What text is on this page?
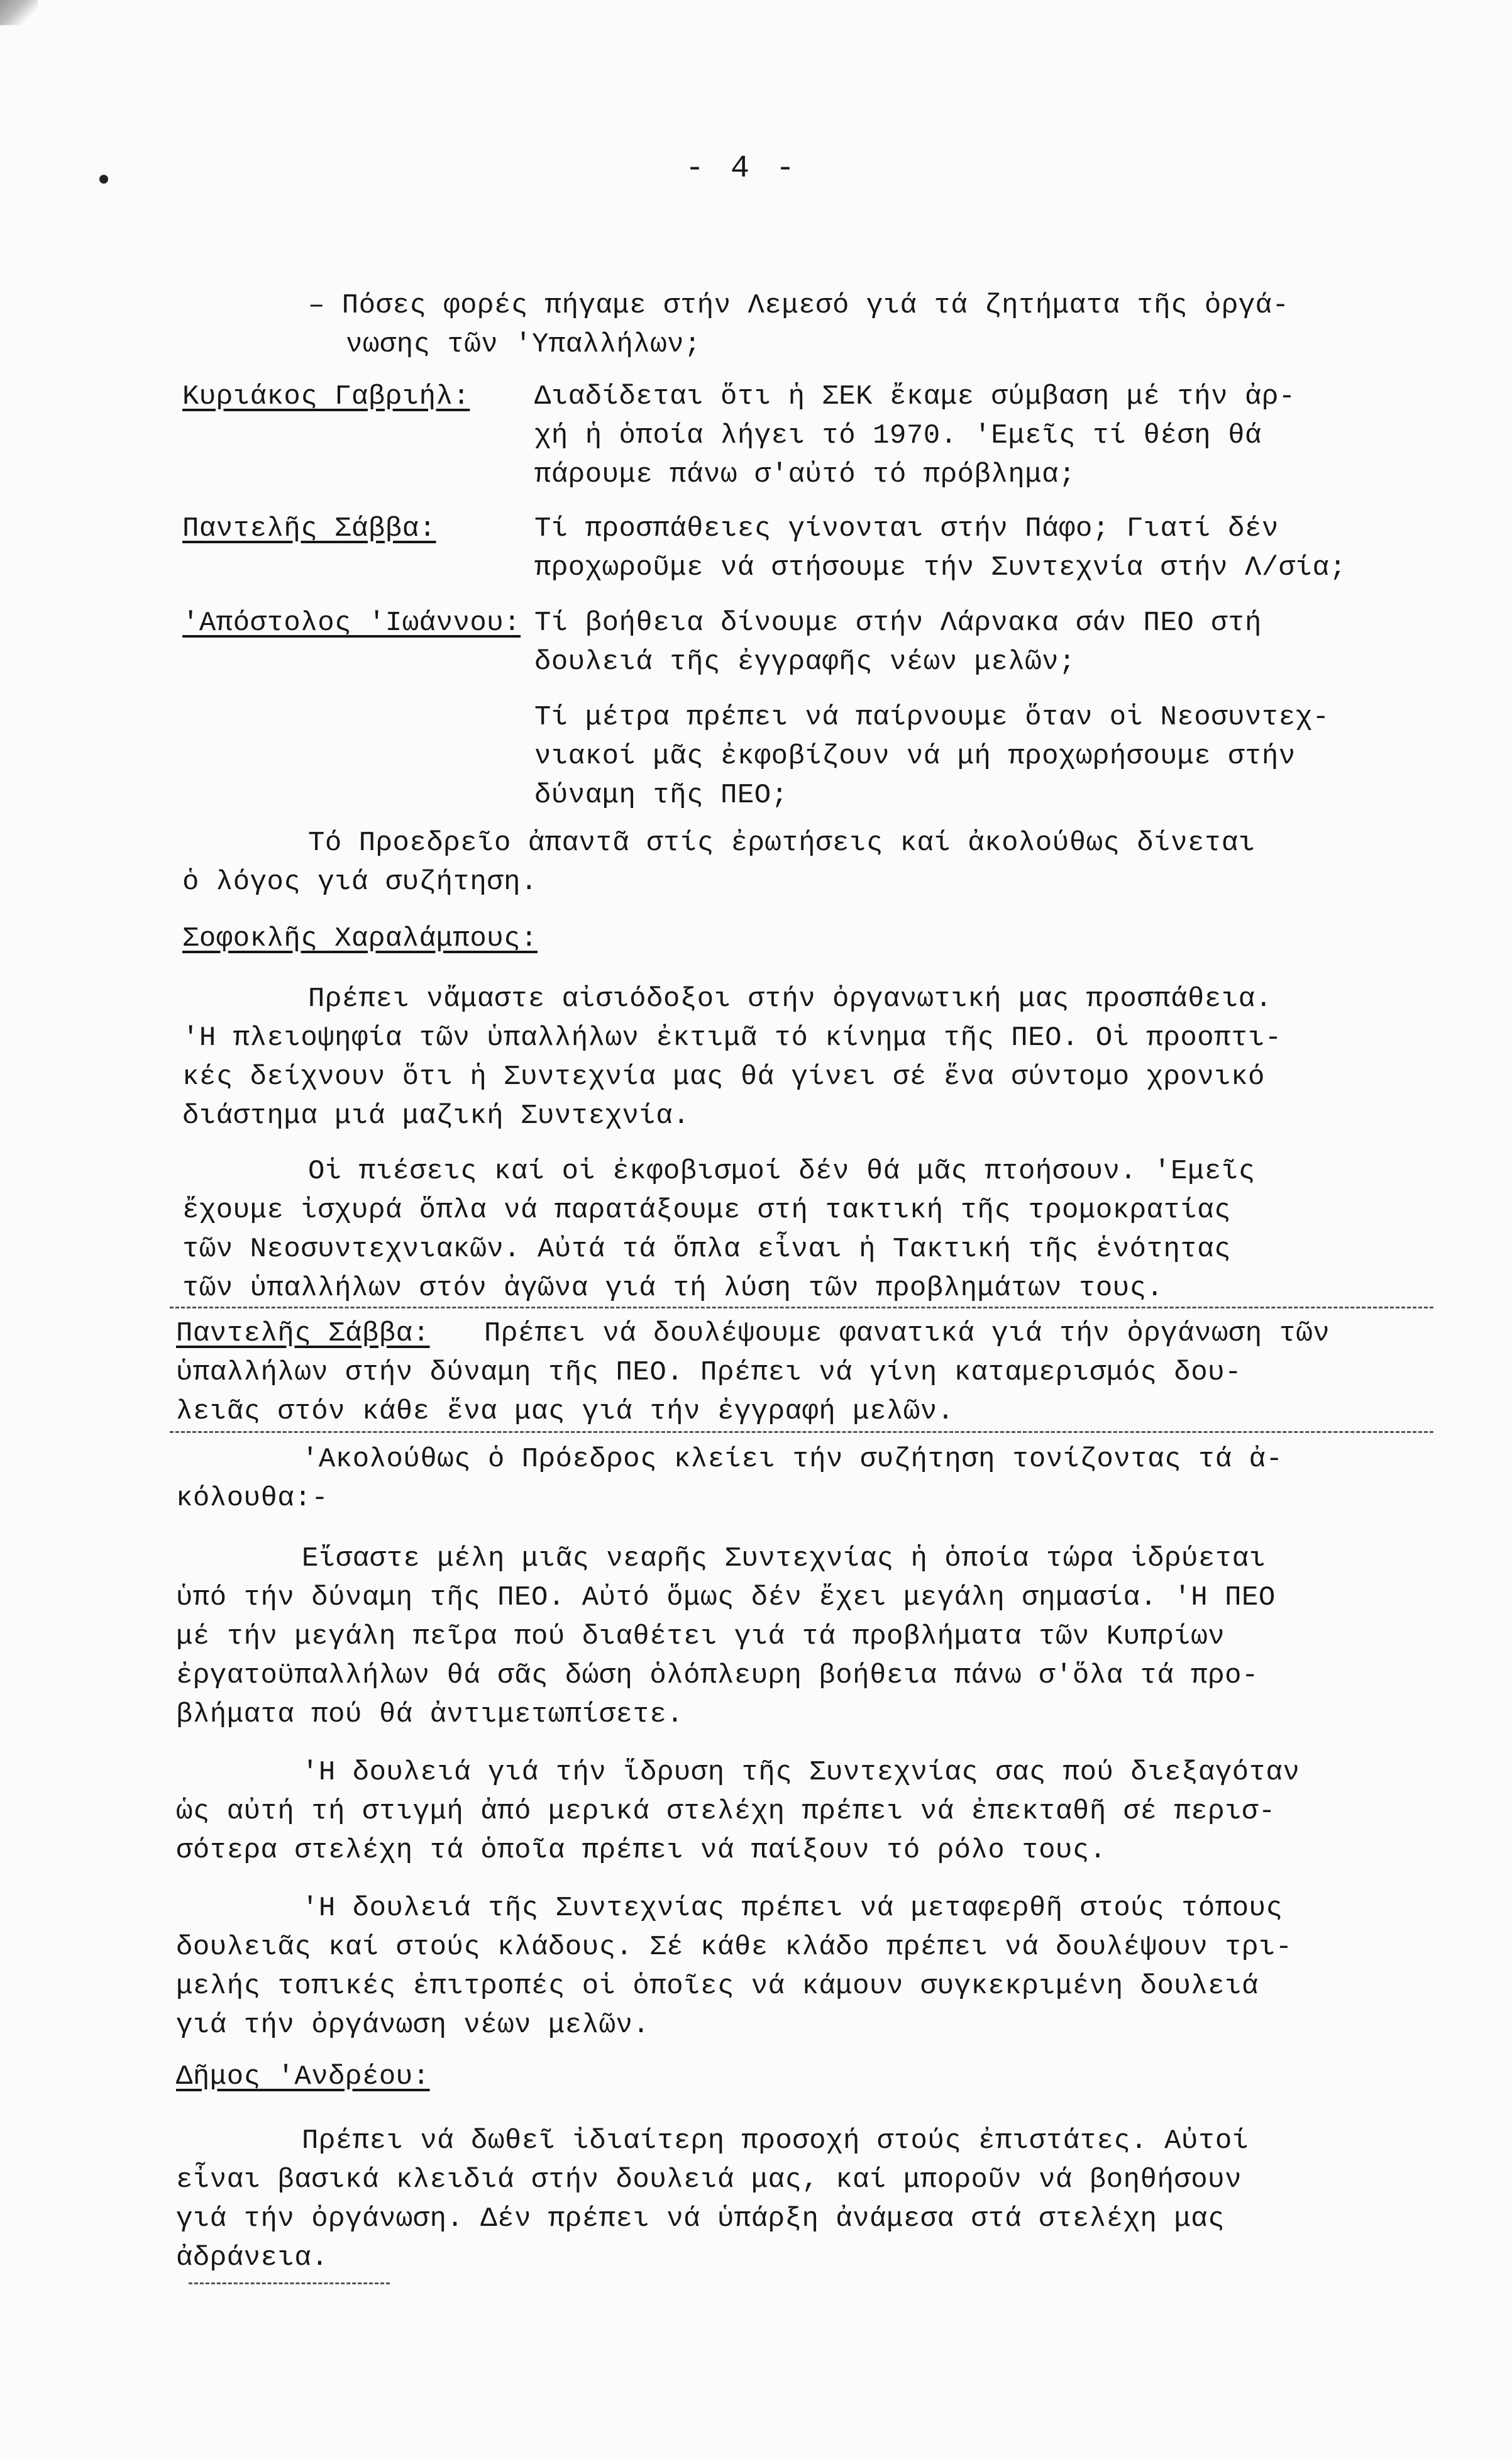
- 4 -
– Πόσες φορές πήγαμε στήν Λεμεσό γιά τά ζητήματα τῆς ὀργά-
νωσης τῶν 'Υπαλλήλων;
Κυριάκος Γαβριήλ: Διαδίδεται ὅτι ἡ ΣΕΚ ἔκαμε σύμβαση μέ τήν ἀρ-
χή ἡ ὁποία λήγει τό 1970. 'Εμεῖς τί θέση θά
πάρουμε πάνω σ'αὐτό τό πρόβλημα;
Παντελῆς Σάββα:	Τί προσπάθειες γίνονται στήν Πάφο; Γιατί δέν
προχωροῦμε νά στήσουμε τήν Συντεχνία στήν Λ/σία;
'Απόστολος 'Ιωάννου: Τί βοήθεια δίνουμε στήν Λάρνακα σάν ΠΕΟ στή
δουλειά τῆς ἐγγραφῆς νέων μελῶν;
Τί μέτρα πρέπει νά παίρνουμε ὅταν οἱ Νεοσυντεχ-
νιακοί μᾶς ἐκφοβίζουν νά μή προχωρήσουμε στήν
δύναμη τῆς ΠΕΟ;
Τό Προεδρεῖο ἀπαντᾶ στίς ἐρωτήσεις καί ἀκολούθως δίνεται
ὁ λόγος γιά συζήτηση.
Σοφοκλῆς Χαραλάμπους:
Πρέπει νἄμαστε αἰσιόδοξοι στήν ὀργανωτική μας προσπάθεια.
'Η πλειοψηφία τῶν ὑπαλλήλων ἐκτιμᾶ τό κίνημα τῆς ΠΕΟ. Οἱ προοπτι-
κές δείχνουν ὅτι ἡ Συντεχνία μας θά γίνει σέ ἕνα σύντομο χρονικό
διάστημα μιά μαζική Συντεχνία.
Οἱ πιέσεις καί οἱ ἐκφοβισμοί δέν θά μᾶς πτοήσουν. 'Εμεῖς
ἔχουμε ἰσχυρά ὅπλα νά παρατάξουμε στή τακτική τῆς τρομοκρατίας
τῶν Νεοσυντεχνιακῶν. Αὐτά τά ὅπλα εἶναι ἡ Τακτική τῆς ἑνότητας
τῶν ὑπαλλήλων στόν ἀγῶνα γιά τή λύση τῶν προβλημάτων τους.
Παντελῆς Σάββα: Πρέπει νά δουλέψουμε φανατικά γιά τήν ὀργάνωση τῶν
ὑπαλλήλων στήν δύναμη τῆς ΠΕΟ. Πρέπει νά γίνη καταμερισμός δου-
λειᾶς στόν κάθε ἕνα μας γιά τήν ἐγγραφή μελῶν.
'Ακολούθως ὁ Πρόεδρος κλείει τήν συζήτηση τονίζοντας τά ἀ-
κόλουθα:-
Εἴσαστε μέλη μιᾶς νεαρῆς Συντεχνίας ἡ ὁποία τώρα ἱδρύεται
ὑπό τήν δύναμη τῆς ΠΕΟ. Αὐτό ὅμως δέν ἔχει μεγάλη σημασία. 'Η ΠΕΟ
μέ τήν μεγάλη πεῖρα πού διαθέτει γιά τά προβλήματα τῶν Κυπρίων
ἐργατοϋπαλλήλων θά σᾶς δώση ὁλόπλευρη βοήθεια πάνω σ'ὅλα τά προ-
βλήματα πού θά ἀντιμετωπίσετε.
'Η δουλειά γιά τήν ἵδρυση τῆς Συντεχνίας σας πού διεξαγόταν
ὡς αὐτή τή στιγμή ἀπό μερικά στελέχη πρέπει νά ἐπεκταθῆ σέ περισ-
σότερα στελέχη τά ὁποῖα πρέπει νά παίξουν τό ρόλο τους.
'Η δουλειά τῆς Συντεχνίας πρέπει νά μεταφερθῆ στούς τόπους
δουλειᾶς καί στούς κλάδους. Σέ κάθε κλάδο πρέπει νά δουλέψουν τρι-
μελής τοπικές ἐπιτροπές οἱ ὁποῖες νά κάμουν συγκεκριμένη δουλειά
γιά τήν ὀργάνωση νέων μελῶν.
Δῆμος 'Ανδρέου:
Πρέπει νά δωθεῖ ἰδιαίτερη προσοχή στούς ἐπιστάτες. Αὐτοί
εἶναι βασικά κλειδιά στήν δουλειά μας, καί μποροῦν νά βοηθήσουν
γιά τήν ὀργάνωση. Δέν πρέπει νά ὑπάρξη ἀνάμεσα στά στελέχη μας
ἀδράνεια.
